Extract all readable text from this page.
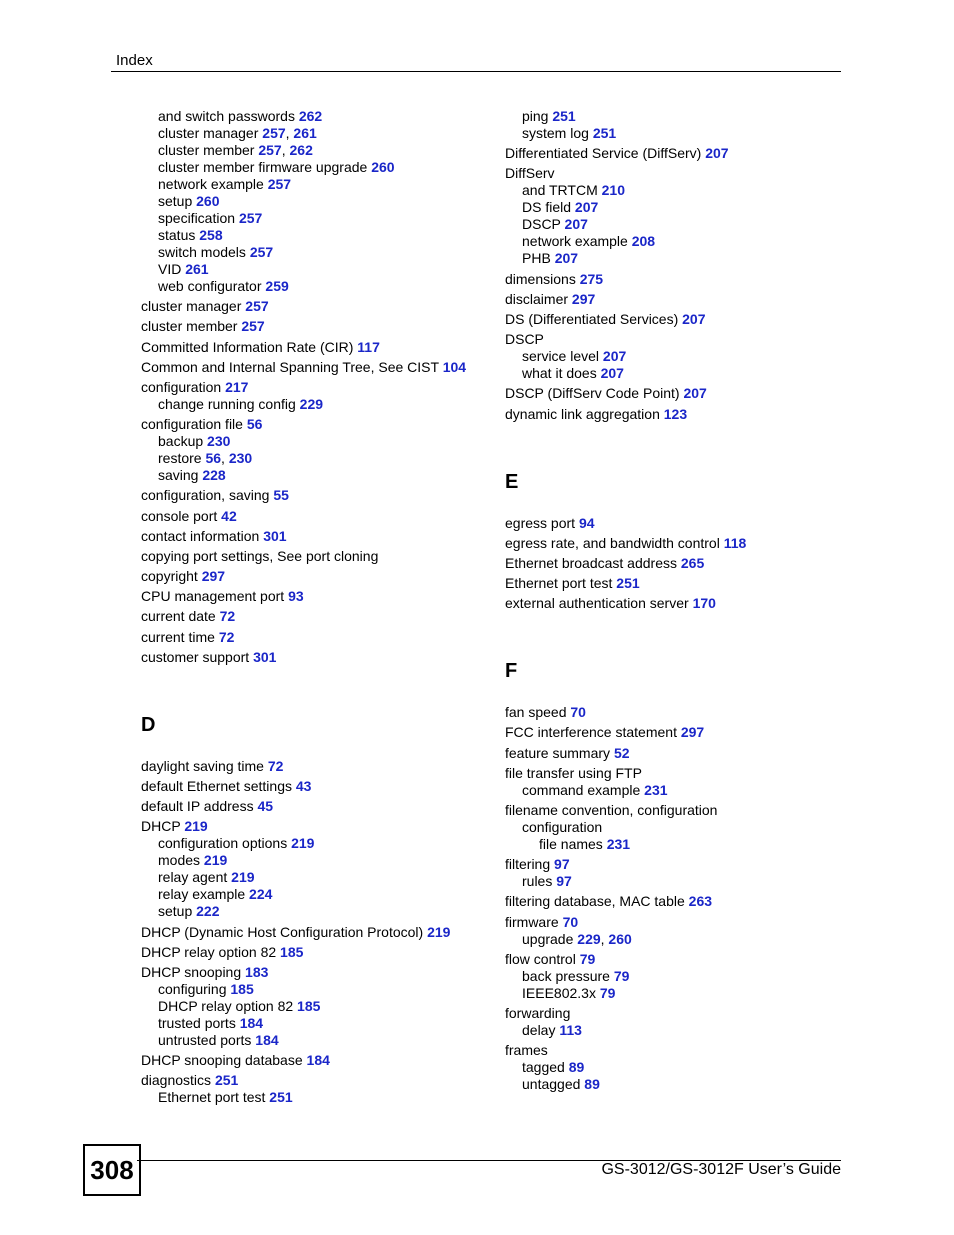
Index
and switch passwords 262
cluster manager 257, 261
cluster member 257, 262
cluster member firmware upgrade 260
network example 257
setup 260
specification 257
status 258
switch models 257
VID 261
web configurator 259
cluster manager 257
cluster member 257
Committed Information Rate (CIR) 117
Common and Internal Spanning Tree, See CIST 104
configuration 217
change running config 229
configuration file 56
backup 230
restore 56, 230
saving 228
configuration, saving 55
console port 42
contact information 301
copying port settings, See port cloning
copyright 297
CPU management port 93
current date 72
current time 72
customer support 301
D
daylight saving time 72
default Ethernet settings 43
default IP address 45
DHCP 219
configuration options 219
modes 219
relay agent 219
relay example 224
setup 222
DHCP (Dynamic Host Configuration Protocol) 219
DHCP relay option 82 185
DHCP snooping 183
configuring 185
DHCP relay option 82 185
trusted ports 184
untrusted ports 184
DHCP snooping database 184
diagnostics 251
Ethernet port test 251
ping 251
system log 251
Differentiated Service (DiffServ) 207
DiffServ
and TRTCM 210
DS field 207
DSCP 207
network example 208
PHB 207
dimensions 275
disclaimer 297
DS (Differentiated Services) 207
DSCP
service level 207
what it does 207
DSCP (DiffServ Code Point) 207
dynamic link aggregation 123
E
egress port 94
egress rate, and bandwidth control 118
Ethernet broadcast address 265
Ethernet port test 251
external authentication server 170
F
fan speed 70
FCC interference statement 297
feature summary 52
file transfer using FTP
command example 231
filename convention, configuration
configuration
file names 231
filtering 97
rules 97
filtering database, MAC table 263
firmware 70
upgrade 229, 260
flow control 79
back pressure 79
IEEE802.3x 79
forwarding
delay 113
frames
tagged 89
untagged 89
308	GS-3012/GS-3012F User’s Guide
